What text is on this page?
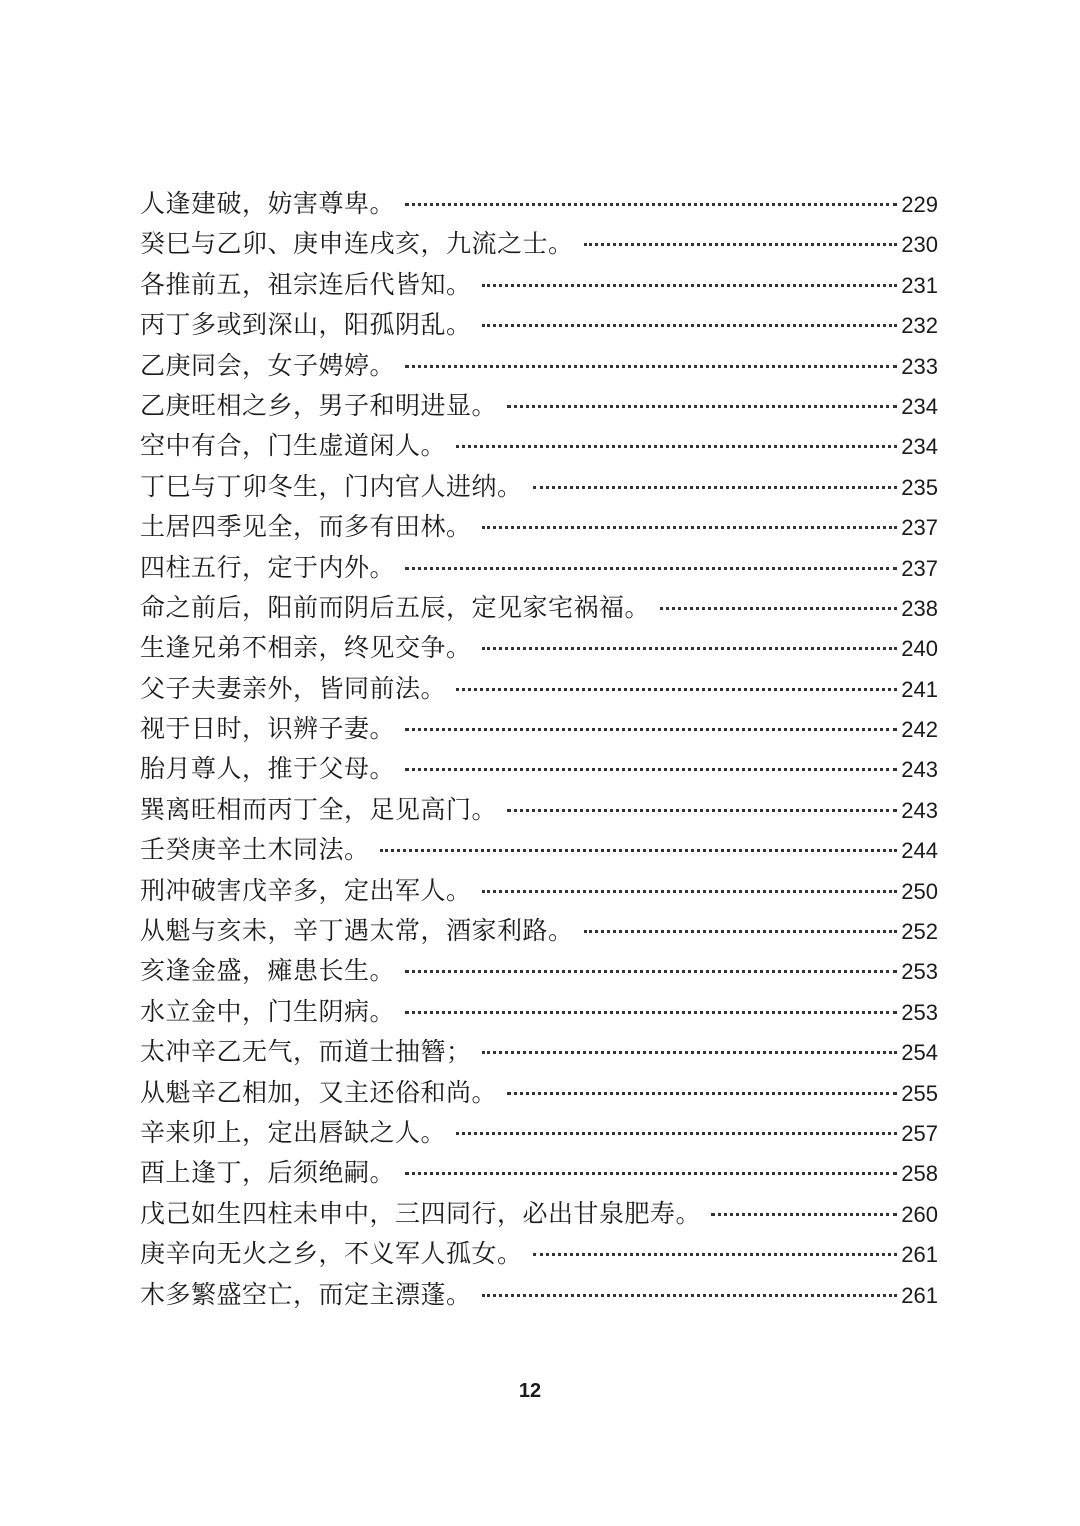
人逢建破，妨害尊卑。	229
癸巳与乙卯、庚申连戌亥，九流之士。	230
各推前五，祖宗连后代皆知。	231
丙丁多或到深山，阳孤阴乱。	232
乙庚同会，女子娉婷。	233
乙庚旺相之乡，男子和明进显。	234
空中有合，门生虚道闲人。	234
丁巳与丁卯冬生，门内官人进纳。	235
土居四季见全，而多有田林。	237
四柱五行，定于内外。	237
命之前后，阳前而阴后五辰，定见家宅祸福。	238
生逢兄弟不相亲，终见交争。	240
父子夫妻亲外，皆同前法。	241
视于日时，识辨子妻。	242
胎月尊人，推于父母。	243
巽离旺相而丙丁全，足见高门。	243
壬癸庚辛土木同法。	244
刑冲破害戊辛多，定出军人。	250
从魁与亥未，辛丁遇太常，酒家利路。	252
亥逢金盛，瘫患长生。	253
水立金中，门生阴病。	253
太冲辛乙无气，而道士抽簪；	254
从魁辛乙相加，又主还俗和尚。	255
辛来卯上，定出唇缺之人。	257
酉上逢丁，后须绝嗣。	258
戊己如生四柱未申中，三四同行，必出甘泉肥寿。	260
庚辛向无火之乡，不义军人孤女。	261
木多繁盛空亡，而定主漂蓬。	261
12
